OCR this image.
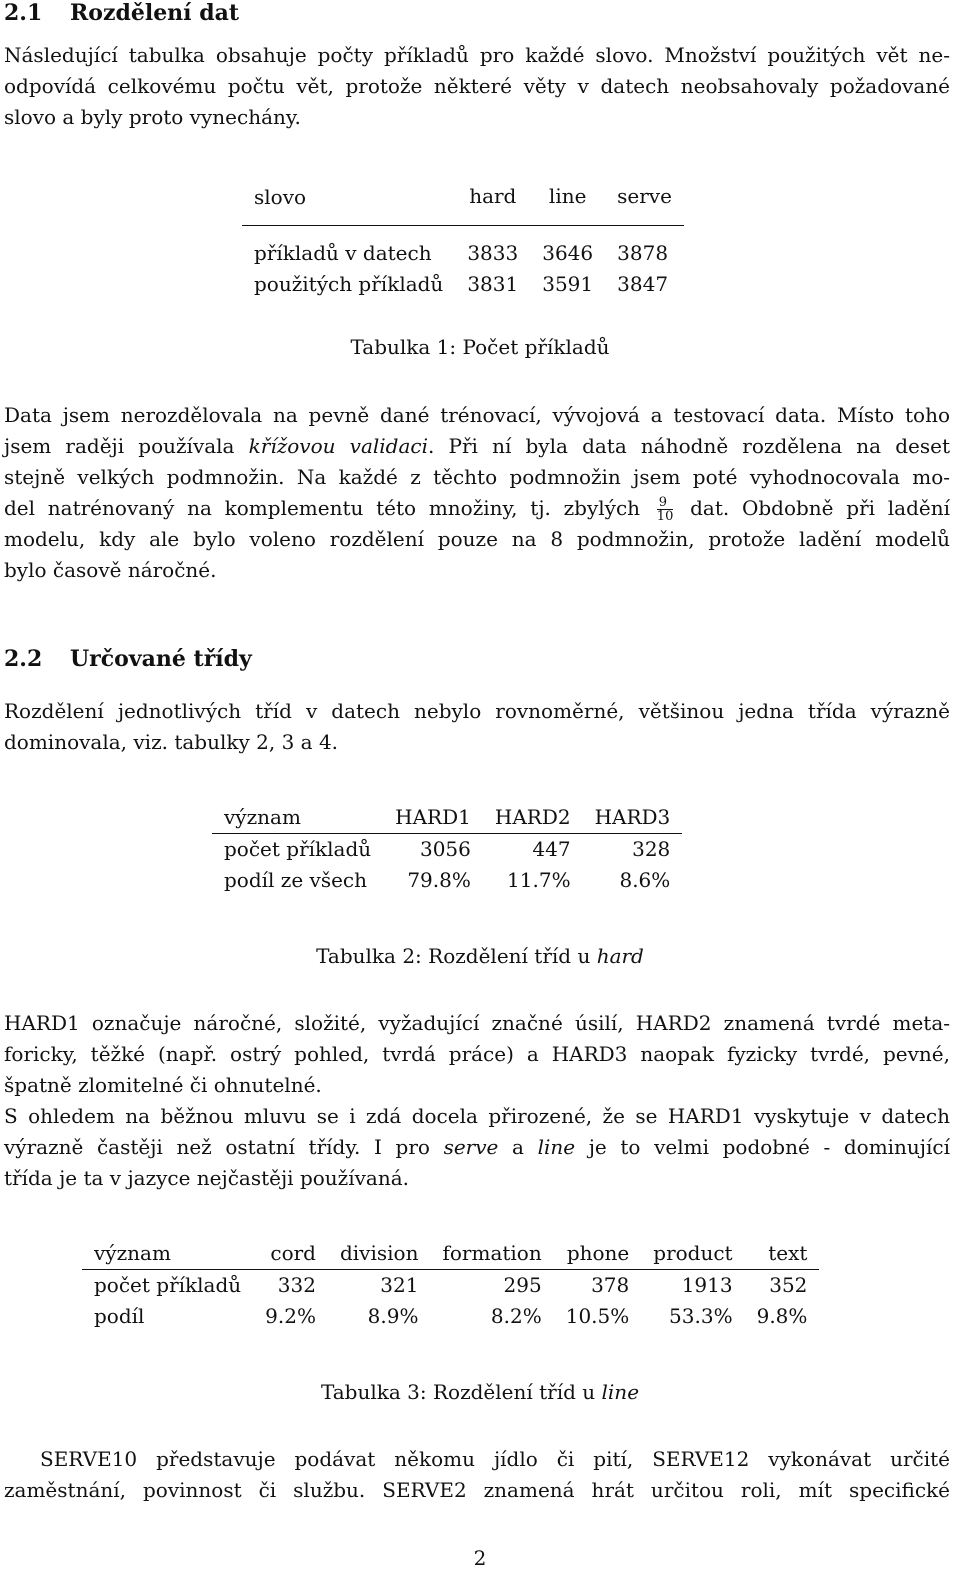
2.1 Rozdělení dat
Následující tabulka obsahuje počty příkladů pro každé slovo. Množství použitých vět ne-
odpovídá celkovému počtu vět, protože některé věty v datech neobsahovaly požadované
slovo a byly proto vynechány.
slovo	hard	line	serve
příkladů v datech	3833	3646	3878
použitých příkladů	3831	3591	3847
Tabulka 1: Počet příkladů
Data jsem nerozdělovala na pevně dané trénovací, vývojová a testovací data. Místo toho
jsem raději používala křížovou validaci. Při ní byla data náhodně rozdělena na deset
stejně velkých podmnožin. Na každé z těchto podmnožin jsem poté vyhodnocovala mo-
del natrénovaný na komplementu této množiny, tj. zbylých $\frac{9}{10}$ dat. Obdobně při ladění
modelu, kdy ale bylo voleno rozdělení pouze na 8 podmnožin, protože ladění modelů
bylo časově náročné.
2.2 Určované třídy
Rozdělení jednotlivých tříd v datech nebylo rovnoměrné, většinou jedna třída výrazně
dominovala, viz. tabulky 2, 3 a 4.
význam	HARD1	HARD2	HARD3
počet příkladů	3056	447	328
podíl ze všech	79.8%	11.7%	8.6%
Tabulka 2: Rozdělení tříd u hard
HARD1 označuje náročné, složité, vyžadující značné úsilí, HARD2 znamená tvrdé meta-
foricky, těžké (např. ostrý pohled, tvrdá práce) a HARD3 naopak fyzicky tvrdé, pevné,
špatně zlomitelné či ohnutelné.
S ohledem na běžnou mluvu se i zdá docela přirozené, že se HARD1 vyskytuje v datech
výrazně častěji než ostatní třídy. I pro serve a line je to velmi podobné - dominující
třída je ta v jazyce nejčastěji používaná.
význam	cord	division	formation	phone	product	text
počet příkladů	332	321	295	378	1913	352
podíl	9.2%	8.9%	8.2%	10.5%	53.3%	9.8%
Tabulka 3: Rozdělení tříd u line
SERVE10 představuje podávat někomu jídlo či pití, SERVE12 vykonávat určité
zaměstnání, povinnost či službu. SERVE2 znamená hrát určitou roli, mít specifické
2
